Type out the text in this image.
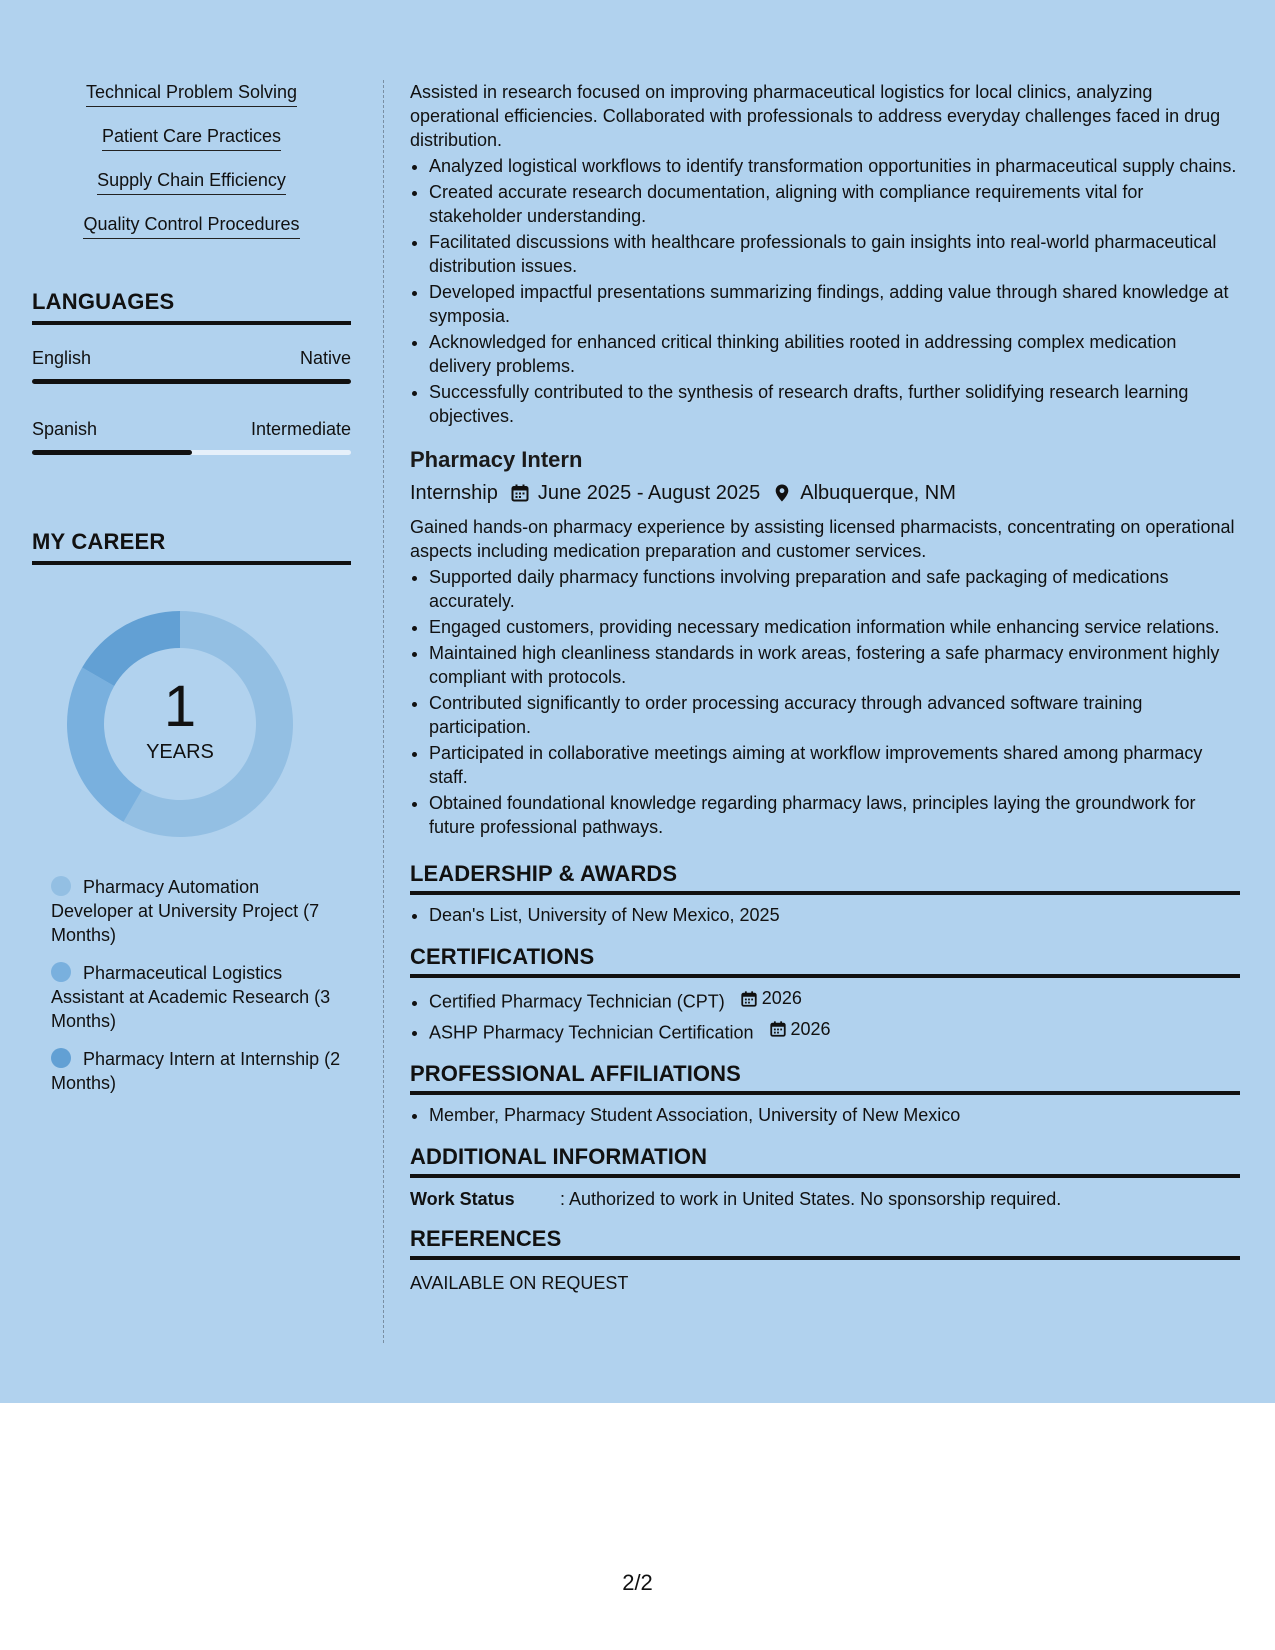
Technical Problem Solving
Patient Care Practices
Supply Chain Efficiency
Quality Control Procedures
LANGUAGES
English	Native
Spanish	Intermediate
MY CAREER
1
YEARS
Pharmacy Automation Developer at University Project (7 Months)
Pharmaceutical Logistics Assistant at Academic Research (3 Months)
Pharmacy Intern at Internship (2 Months)

Assisted in research focused on improving pharmaceutical logistics for local clinics, analyzing operational efficiencies. Collaborated with professionals to address everyday challenges faced in drug distribution.

• Analyzed logistical workflows to identify transformation opportunities in pharmaceutical supply chains.
• Created accurate research documentation, aligning with compliance requirements vital for stakeholder understanding.
• Facilitated discussions with healthcare professionals to gain insights into real-world pharmaceutical distribution issues.
• Developed impactful presentations summarizing findings, adding value through shared knowledge at symposia.
• Acknowledged for enhanced critical thinking abilities rooted in addressing complex medication delivery problems.
• Successfully contributed to the synthesis of research drafts, further solidifying research learning objectives.
Pharmacy Intern
Internship June 2025 - August 2025 Albuquerque, NM

Gained hands-on pharmacy experience by assisting licensed pharmacists, concentrating on operational aspects including medication preparation and customer services.

• Supported daily pharmacy functions involving preparation and safe packaging of medications accurately.
• Engaged customers, providing necessary medication information while enhancing service relations.
• Maintained high cleanliness standards in work areas, fostering a safe pharmacy environment highly compliant with protocols.
• Contributed significantly to order processing accuracy through advanced software training participation.
• Participated in collaborative meetings aiming at workflow improvements shared among pharmacy staff.
• Obtained foundational knowledge regarding pharmacy laws, principles laying the groundwork for future professional pathways.
LEADERSHIP & AWARDS
• Dean's List, University of New Mexico, 2025
CERTIFICATIONS
• Certified Pharmacy Technician (CPT) 2026
• ASHP Pharmacy Technician Certification 2026
PROFESSIONAL AFFILIATIONS
• Member, Pharmacy Student Association, University of New Mexico
ADDITIONAL INFORMATION
Work Status	: Authorized to work in United States. No sponsorship required.
REFERENCES
AVAILABLE ON REQUEST
2/2
